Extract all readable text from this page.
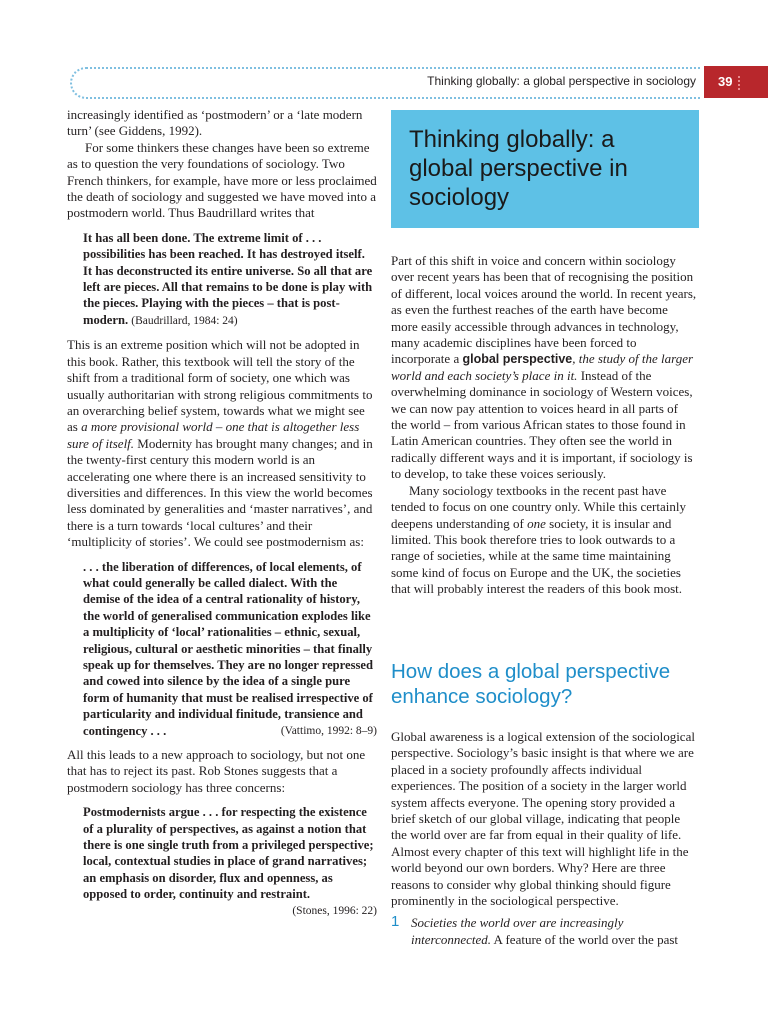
Thinking globally: a global perspective in sociology	39

increasingly identified as ‘postmodern’ or a ‘late modern turn’ (see Giddens, 1992).

For some thinkers these changes have been so extreme as to question the very foundations of sociology. Two French thinkers, for example, have more or less proclaimed the death of sociology and suggested we have moved into a postmodern world. Thus Baudrillard writes that

It has all been done. The extreme limit of . . . possibilities has been reached. It has destroyed itself. It has deconstructed its entire universe. So all that are left are pieces. All that remains to be done is play with the pieces. Playing with the pieces – that is post-modern. (Baudrillard, 1984: 24)

This is an extreme position which will not be adopted in this book. Rather, this textbook will tell the story of the shift from a traditional form of society, one which was usually authoritarian with strong religious commitments to an overarching belief system, towards what we might see as a more provisional world – one that is altogether less sure of itself. Modernity has brought many changes; and in the twenty-first century this modern world is an accelerating one where there is an increased sensitivity to diversities and differences. In this view the world becomes less dominated by generalities and ‘master narratives’, and there is a turn towards ‘local cultures’ and their ‘multiplicity of stories’. We could see postmodernism as:

. . . the liberation of differences, of local elements, of what could generally be called dialect. With the demise of the idea of a central rationality of history, the world of generalised communication explodes like a multiplicity of ‘local’ rationalities – ethnic, sexual, religious, cultural or aesthetic minorities – that finally speak up for themselves. They are no longer repressed and cowed into silence by the idea of a single pure form of humanity that must be realised irrespective of particularity and individual finitude, transience and contingency . . .	(Vattimo, 1992: 8–9)

All this leads to a new approach to sociology, but not one that has to reject its past. Rob Stones suggests that a postmodern sociology has three concerns:

Postmodernists argue . . . for respecting the existence of a plurality of perspectives, as against a notion that there is one single truth from a privileged perspective; local, contextual studies in place of grand narratives; an emphasis on disorder, flux and openness, as opposed to order, continuity and restraint.
(Stones, 1996: 22)
Thinking globally: a global perspective in sociology

Part of this shift in voice and concern within sociology over recent years has been that of recognising the position of different, local voices around the world. In recent years, as even the furthest reaches of the earth have become more easily accessible through advances in technology, many academic disciplines have been forced to incorporate a global perspective, the study of the larger world and each society’s place in it. Instead of the overwhelming dominance in sociology of Western voices, we can now pay attention to voices heard in all parts of the world – from various African states to those found in Latin American countries. They often see the world in radically different ways and it is important, if sociology is to develop, to take these voices seriously.

Many sociology textbooks in the recent past have tended to focus on one country only. While this certainly deepens understanding of one society, it is insular and limited. This book therefore tries to look outwards to a range of societies, while at the same time maintaining some kind of focus on Europe and the UK, the societies that will probably interest the readers of this book most.

How does a global perspective enhance sociology?

Global awareness is a logical extension of the sociological perspective. Sociology’s basic insight is that where we are placed in a society profoundly affects individual experiences. The position of a society in the larger world system affects everyone. The opening story provided a brief sketch of our global village, indicating that people the world over are far from equal in their quality of life. Almost every chapter of this text will highlight life in the world beyond our own borders. Why? Here are three reasons to consider why global thinking should figure prominently in the sociological perspective.

1 Societies the world over are increasingly interconnected. A feature of the world over the past
